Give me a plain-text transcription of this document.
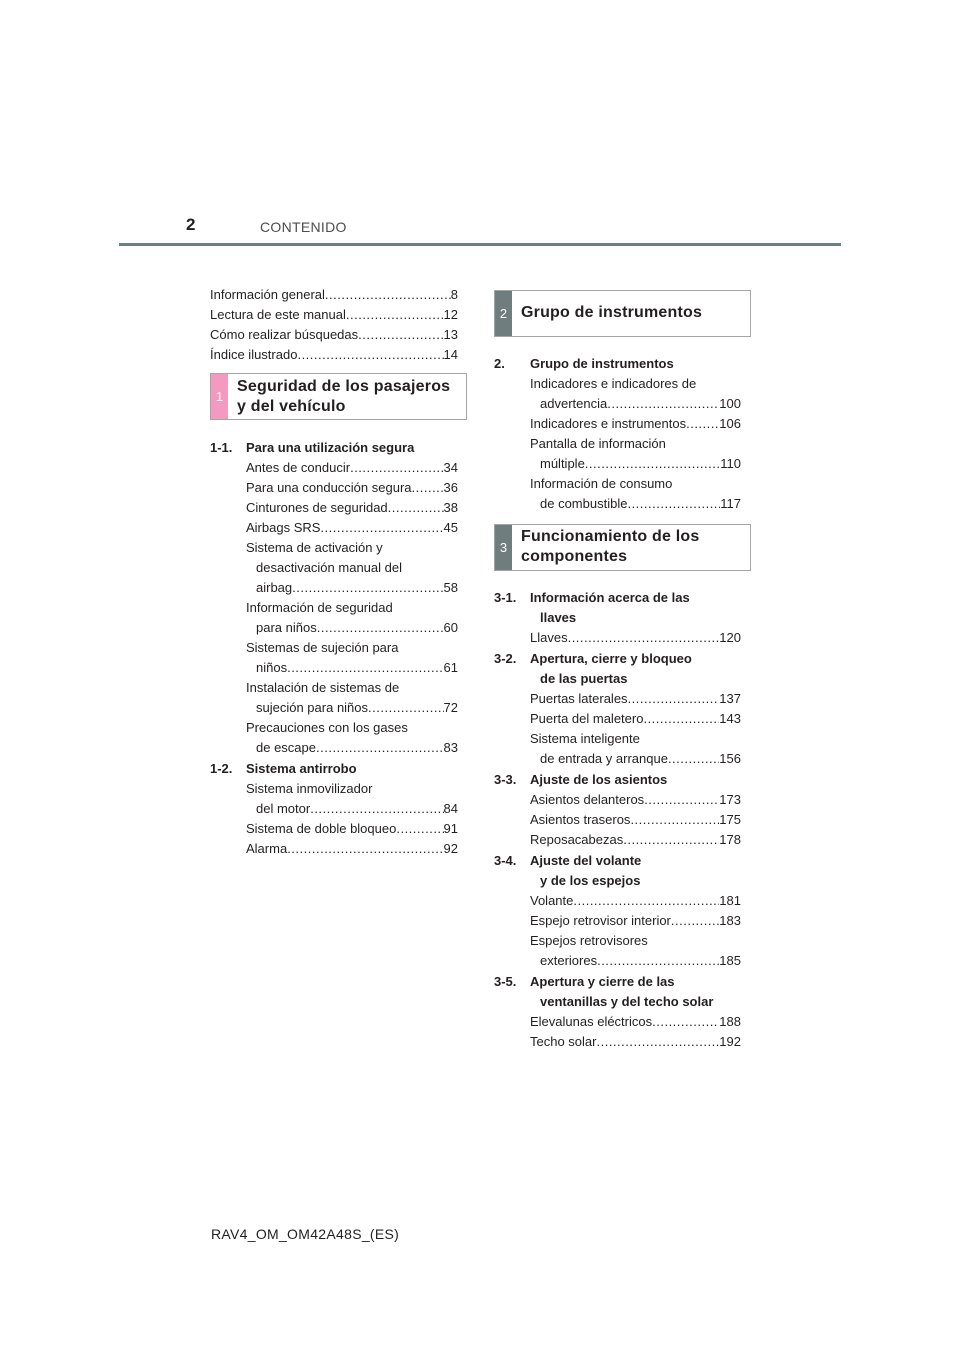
2	CONTENIDO
Información general .....	8
Lectura de este manual .....	12
Cómo realizar búsquedas .....	13
Índice ilustrado .....	14
1
Seguridad de los pasajeros
y del vehículo
1-1.	Para una utilización segura
Antes de conducir .....	34
Para una conducción segura ..... 36
Cinturones de seguridad .....	38
Airbags SRS .....	45
Sistema de activación y
desactivación manual del
airbag .....	58
Información de seguridad
para niños .....	60
Sistemas de sujeción para
niños .....	61
Instalación de sistemas de
sujeción para niños .....	72
Precauciones con los gases
de escape .....	83
1-2.	Sistema antirrobo
Sistema inmovilizador
del motor .....	84
Sistema de doble bloqueo .....	91
Alarma .....	92
2 Grupo de instrumentos
2.	Grupo de instrumentos
Indicadores e indicadores de
advertencia .....	100
Indicadores e instrumentos .....	106
Pantalla de información
múltiple .....	110
Información de consumo
de combustible .....	117
3
Funcionamiento de los
componentes
3-1.	Información acerca de las
llaves
Llaves .....	120
3-2.	Apertura, cierre y bloqueo
de las puertas
Puertas laterales .....	137
Puerta del maletero .....	143
Sistema inteligente
de entrada y arranque .....	156
3-3.	Ajuste de los asientos
Asientos delanteros .....	173
Asientos traseros .....	175
Reposacabezas .....	178
3-4.	Ajuste del volante
y de los espejos
Volante .....	181
Espejo retrovisor interior .....	183
Espejos retrovisores
exteriores .....	185
3-5.	Apertura y cierre de las
ventanillas y del techo solar
Elevalunas eléctricos .....	188
Techo solar .....	192
RAV4_OM_OM42A48S_(ES)
